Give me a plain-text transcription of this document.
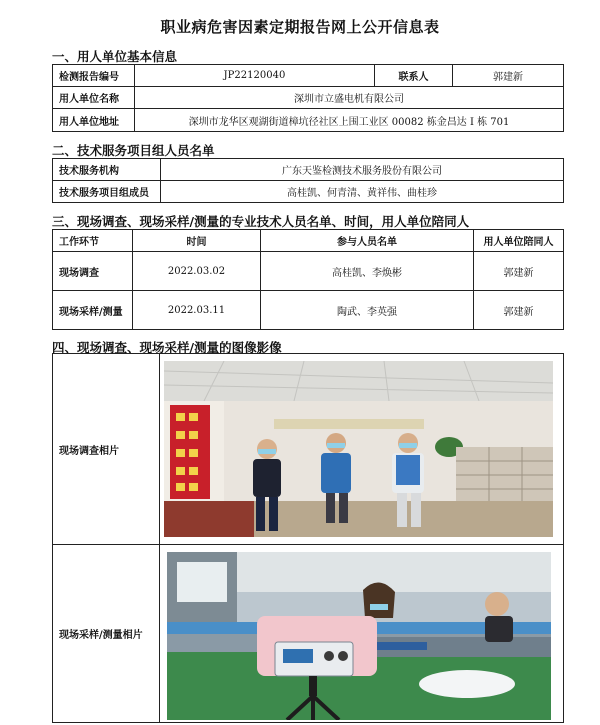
职业病危害因素定期报告网上公开信息表
一、用人单位基本信息
检测报告编号	JP22120040	联系人	郭建新
用人单位名称	深圳市立盛电机有限公司		
用人单位地址	深圳市龙华区观湖街道樟坑径社区上围工业区 00082 栋金昌达 I 栋 701		
二、技术服务项目组人员名单
技术服务机构	广东天鉴检测技术服务股份有限公司
技术服务项目组成员	高桂凯、何青清、黄祥伟、曲桂珍
三、现场调查、现场采样/测量的专业技术人员名单、时间，用人单位陪同人
工作环节	时间	参与人员名单	用人单位陪同人
现场调查	2022.03.02	高桂凯、李焕彬	郭建新
现场采样/测量	2022.03.11	陶武、李英强	郭建新
四、现场调查、现场采样/测量的图像影像
现场调查相片	
现场采样/测量相片	
